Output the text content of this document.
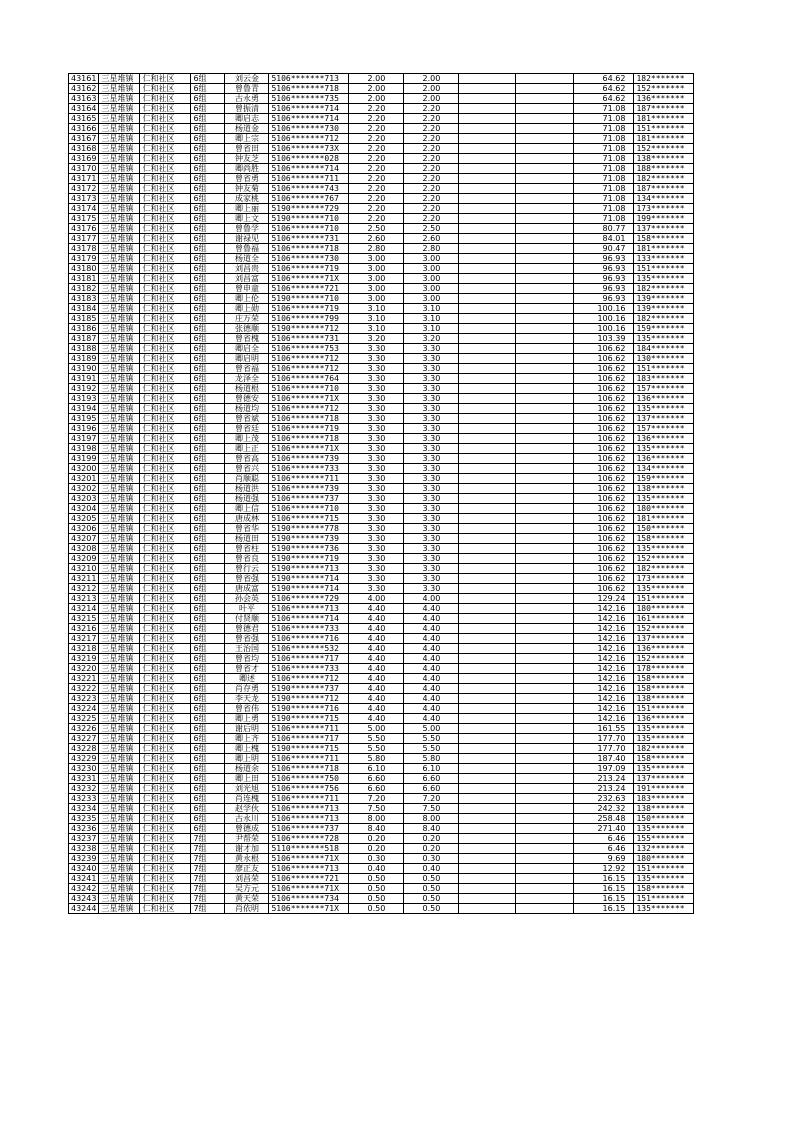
43161	三星堆镇	仁和社区	6组	刘云金	5106*******713	2.00	2.00			64.62	182*******
43162	三星堆镇	仁和社区	6组	曾鲁青	5106*******718	2.00	2.00			64.62	152*******
43163	三星堆镇	仁和社区	6组	古永勇	5106*******735	2.00	2.00			64.62	136*******
43164	三星堆镇	仁和社区	6组	曾振清	5106*******714	2.20	2.20			71.08	187*******
43165	三星堆镇	仁和社区	6组	卿启志	5106*******714	2.20	2.20			71.08	181*******
43166	三星堆镇	仁和社区	6组	杨道金	5106*******730	2.20	2.20			71.08	151*******
43167	三星堆镇	仁和社区	6组	卿上宗	5106*******712	2.20	2.20			71.08	181*******
43168	三星堆镇	仁和社区	6组	曾省田	5106*******73X	2.20	2.20			71.08	152*******
43169	三星堆镇	仁和社区	6组	钟友芝	5106*******028	2.20	2.20			71.08	138*******
43170	三星堆镇	仁和社区	6组	卿尚胜	5106*******714	2.20	2.20			71.08	188*******
43171	三星堆镇	仁和社区	6组	曾省勇	5106*******711	2.20	2.20			71.08	182*******
43172	三星堆镇	仁和社区	6组	钟友菊	5106*******743	2.20	2.20			71.08	187*******
43173	三星堆镇	仁和社区	6组	成家桃	5106*******767	2.20	2.20			71.08	134*******
43174	三星堆镇	仁和社区	6组	卿上丽	5190*******729	2.20	2.20			71.08	173*******
43175	三星堆镇	仁和社区	6组	卿上文	5190*******710	2.20	2.20			71.08	199*******
43176	三星堆镇	仁和社区	6组	曾鲁学	5106*******710	2.50	2.50			80.77	137*******
43177	三星堆镇	仁和社区	6组	谢禄见	5106*******731	2.60	2.60			84.01	158*******
43178	三星堆镇	仁和社区	6组	曾鲁福	5106*******718	2.80	2.80			90.47	181*******
43179	三星堆镇	仁和社区	6组	杨道全	5106*******730	3.00	3.00			96.93	133*******
43180	三星堆镇	仁和社区	6组	刘昌贵	5106*******719	3.00	3.00			96.93	151*******
43181	三星堆镇	仁和社区	6组	刘昌富	5106*******71X	3.00	3.00			96.93	135*******
43182	三星堆镇	仁和社区	6组	曾申童	5106*******721	3.00	3.00			96.93	182*******
43183	三星堆镇	仁和社区	6组	卿上伦	5190*******710	3.00	3.00			96.93	139*******
43184	三星堆镇	仁和社区	6组	卿上勋	5106*******719	3.10	3.10			100.16	139*******
43185	三星堆镇	仁和社区	6组	庄万荣	5106*******799	3.10	3.10			100.16	182*******
43186	三星堆镇	仁和社区	6组	张德顺	5190*******712	3.10	3.10			100.16	159*******
43187	三星堆镇	仁和社区	6组	曾省槐	5106*******731	3.20	3.20			103.39	135*******
43188	三星堆镇	仁和社区	6组	卿启全	5106*******753	3.30	3.30			106.62	184*******
43189	三星堆镇	仁和社区	6组	卿启明	5106*******712	3.30	3.30			106.62	130*******
43190	三星堆镇	仁和社区	6组	曾省福	5106*******712	3.30	3.30			106.62	151*******
43191	三星堆镇	仁和社区	6组	龙泽全	5106*******764	3.30	3.30			106.62	183*******
43192	三星堆镇	仁和社区	6组	杨道根	5106*******710	3.30	3.30			106.62	157*******
43193	三星堆镇	仁和社区	6组	曾德安	5106*******71X	3.30	3.30			106.62	136*******
43194	三星堆镇	仁和社区	6组	杨道均	5106*******712	3.30	3.30			106.62	135*******
43195	三星堆镇	仁和社区	6组	曾省斌	5106*******718	3.30	3.30			106.62	137*******
43196	三星堆镇	仁和社区	6组	曾省廷	5106*******719	3.30	3.30			106.62	157*******
43197	三星堆镇	仁和社区	6组	卿上茂	5106*******718	3.30	3.30			106.62	136*******
43198	三星堆镇	仁和社区	6组	卿上正	5106*******71X	3.30	3.30			106.62	135*******
43199	三星堆镇	仁和社区	6组	曾省高	5106*******739	3.30	3.30			106.62	136*******
43200	三星堆镇	仁和社区	6组	曾省兴	5106*******733	3.30	3.30			106.62	134*******
43201	三星堆镇	仁和社区	6组	肖顺聪	5106*******711	3.30	3.30			106.62	159*******
43202	三星堆镇	仁和社区	6组	杨道洪	5106*******739	3.30	3.30			106.62	138*******
43203	三星堆镇	仁和社区	6组	杨道强	5106*******737	3.30	3.30			106.62	135*******
43204	三星堆镇	仁和社区	6组	卿上信	5106*******710	3.30	3.30			106.62	180*******
43205	三星堆镇	仁和社区	6组	唐成林	5106*******715	3.30	3.30			106.62	181*******
43206	三星堆镇	仁和社区	6组	曾省华	5190*******778	3.30	3.30			106.62	150*******
43207	三星堆镇	仁和社区	6组	杨道田	5190*******739	3.30	3.30			106.62	158*******
43208	三星堆镇	仁和社区	6组	曾省柱	5190*******736	3.30	3.30			106.62	135*******
43209	三星堆镇	仁和社区	6组	曾省良	5190*******719	3.30	3.30			106.62	152*******
43210	三星堆镇	仁和社区	6组	曾行云	5190*******713	3.30	3.30			106.62	182*******
43211	三星堆镇	仁和社区	6组	曾省强	5190*******714	3.30	3.30			106.62	173*******
43212	三星堆镇	仁和社区	6组	唐成富	5190*******714	3.30	3.30			106.62	135*******
43213	三星堆镇	仁和社区	6组	孙会英	5106*******729	4.00	4.00			129.24	151*******
43214	三星堆镇	仁和社区	6组	叶平	5106*******713	4.40	4.40			142.16	180*******
43215	三星堆镇	仁和社区	6组	付贤顺	5106*******714	4.40	4.40			142.16	161*******
43216	三星堆镇	仁和社区	6组	曾德君	5106*******733	4.40	4.40			142.16	152*******
43217	三星堆镇	仁和社区	6组	曾省强	5106*******716	4.40	4.40			142.16	137*******
43218	三星堆镇	仁和社区	6组	王治国	5106*******532	4.40	4.40			142.16	136*******
43219	三星堆镇	仁和社区	6组	曾省均	5106*******717	4.40	4.40			142.16	152*******
43220	三星堆镇	仁和社区	6组	曾省才	5106*******733	4.40	4.40			142.16	178*******
43221	三星堆镇	仁和社区	6组	卿述	5106*******712	4.40	4.40			142.16	158*******
43222	三星堆镇	仁和社区	6组	肖存勇	5190*******737	4.40	4.40			142.16	158*******
43223	三星堆镇	仁和社区	6组	李天龙	5190*******712	4.40	4.40			142.16	138*******
43224	三星堆镇	仁和社区	6组	曾省伟	5190*******716	4.40	4.40			142.16	151*******
43225	三星堆镇	仁和社区	6组	卿上勇	5190*******715	4.40	4.40			142.16	136*******
43226	三星堆镇	仁和社区	6组	谢后明	5106*******711	5.00	5.00			161.55	135*******
43227	三星堆镇	仁和社区	6组	卿上齐	5106*******717	5.50	5.50			177.70	135*******
43228	三星堆镇	仁和社区	6组	卿上槐	5190*******715	5.50	5.50			177.70	182*******
43229	三星堆镇	仁和社区	6组	卿上明	5106*******711	5.80	5.80			187.40	158*******
43230	三星堆镇	仁和社区	6组	杨道余	5106*******718	6.10	6.10			197.09	135*******
43231	三星堆镇	仁和社区	6组	卿上田	5106*******750	6.60	6.60			213.24	137*******
43232	三星堆镇	仁和社区	6组	刘光旭	5106*******756	6.60	6.60			213.24	191*******
43233	三星堆镇	仁和社区	6组	肖连槐	5106*******711	7.20	7.20			232.63	183*******
43234	三星堆镇	仁和社区	6组	赵学伙	5106*******713	7.50	7.50			242.32	138*******
43235	三星堆镇	仁和社区	6组	古永川	5106*******713	8.00	8.00			258.48	150*******
43236	三星堆镇	仁和社区	6组	曾德成	5106*******737	8.40	8.40			271.40	135*******
43237	三星堆镇	仁和社区	7组	尹帮荣	5106*******728	0.20	0.20			6.46	155*******
43238	三星堆镇	仁和社区	7组	谢才加	5110*******518	0.20	0.20			6.46	132*******
43239	三星堆镇	仁和社区	7组	黄永根	5106*******71X	0.30	0.30			9.69	180*******
43240	三星堆镇	仁和社区	7组	廖正友	5106*******713	0.40	0.40			12.92	151*******
43241	三星堆镇	仁和社区	7组	刘昌荣	5106*******721	0.50	0.50			16.15	135*******
43242	三星堆镇	仁和社区	7组	吴方元	5106*******71X	0.50	0.50			16.15	158*******
43243	三星堆镇	仁和社区	7组	黄天荣	5106*******734	0.50	0.50			16.15	151*******
43244	三星堆镇	仁和社区	7组	肖依明	5106*******71X	0.50	0.50			16.15	135*******
